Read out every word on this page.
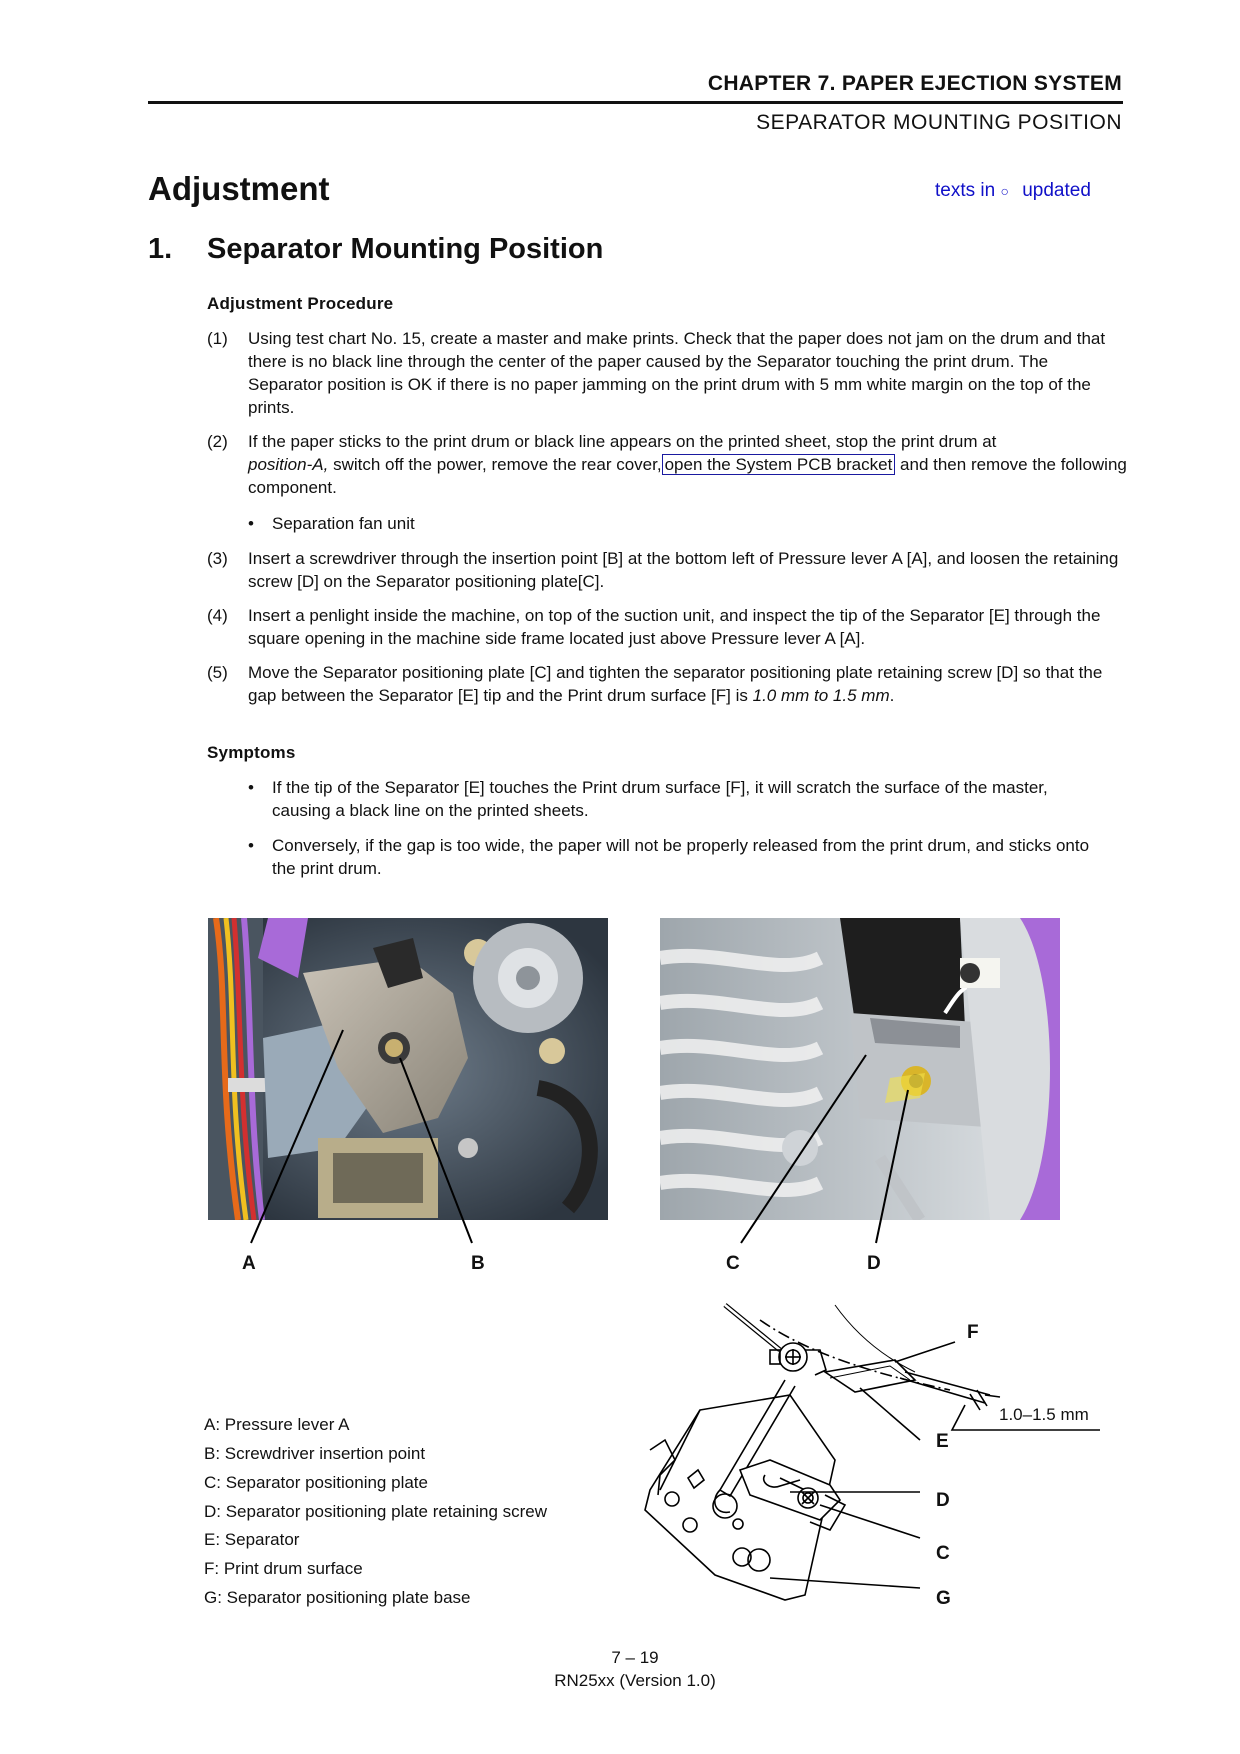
CHAPTER 7. PAPER EJECTION SYSTEM
SEPARATOR MOUNTING POSITION
Adjustment	texts in ○ updated
1. Separator Mounting Position
Adjustment Procedure
(1) Using test chart No. 15, create a master and make prints. Check that the paper does not jam on the drum and that there is no black line through the center of the paper caused by the Separator touching the print drum. The Separator position is OK if there is no paper jamming on the print drum with 5 mm white margin on the top of the prints.
(2) If the paper sticks to the print drum or black line appears on the printed sheet, stop the print drum at
position-A, switch off the power, remove the rear cover, open the System PCB bracket and then remove the following component.
• Separation fan unit
(3) Insert a screwdriver through the insertion point [B] at the bottom left of Pressure lever A [A], and loosen the retaining screw [D] on the Separator positioning plate[C].
(4) Insert a penlight inside the machine, on top of the suction unit, and inspect the tip of the Separator [E] through the square opening in the machine side frame located just above Pressure lever A [A].
(5) Move the Separator positioning plate [C] and tighten the separator positioning plate retaining screw [D] so that the gap between the Separator [E] tip and the Print drum surface [F] is 1.0 mm to 1.5 mm.
Symptoms
• If the tip of the Separator [E] touches the Print drum surface [F], it will scratch the surface of the master, causing a black line on the printed sheets.
• Conversely, if the gap is too wide, the paper will not be properly released from the print drum, and sticks onto the print drum.
A	B	C	D
F
1.0–1.5 mm
E
D
C
G
A: Pressure lever A
B: Screwdriver insertion point
C: Separator positioning plate
D: Separator positioning plate retaining screw
E: Separator
F: Print drum surface
G: Separator positioning plate base
7 – 19
RN25xx (Version 1.0)
